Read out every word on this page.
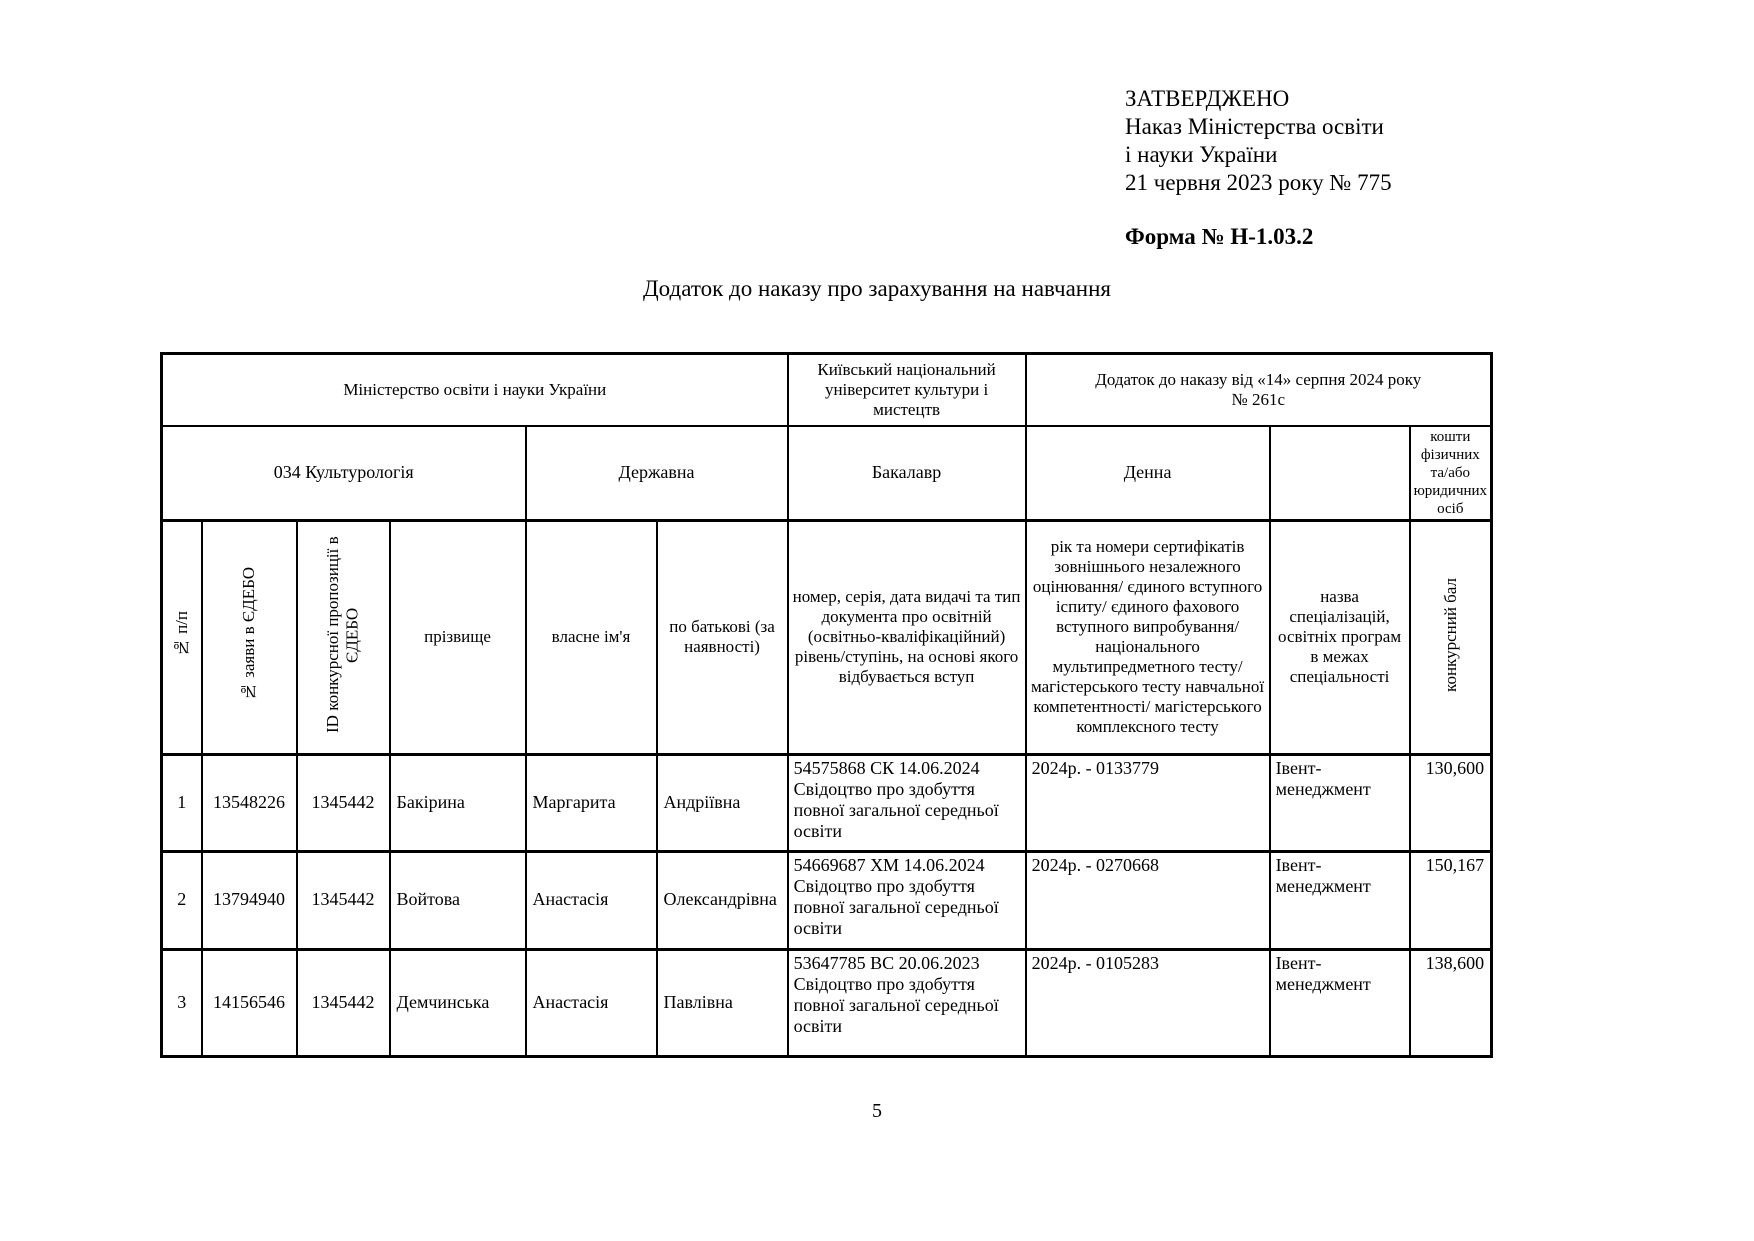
ЗАТВЕРДЖЕНО
Наказ Міністерства освіти
і науки України
21 червня 2023 року № 775
Форма № Н-1.03.2
Додаток до наказу про зарахування на навчання
Міністерство освіти і науки України						Київський національний університет культури і мистецтв	Додаток до наказу від «14» серпня 2024 року
№ 261с		

034 Культурологія				Державна		Бакалавр	Денна		кошти фізичних та/або юридичних осіб
№ п/п	№ заяви в ЄДЕБО	ID конкурсної пропозиції в ЄДЕБО	прізвище	власне ім'я	по батькові (за наявності)	номер, серія, дата видачі та тип документа про освітній (освітньо-кваліфікаційний) рівень/ступінь, на основі якого відбувається вступ	рік та номери сертифікатів зовнішнього незалежного оцінювання/ єдиного вступного іспиту/ єдиного фахового вступного випробування/ національного мультипредметного тесту/ магістерського тесту навчальної компетентності/ магістерського комплексного тесту	назва спеціалізацій, освітніх програм в межах спеціальності	конкурсний бал
1	13548226	1345442	Бакірина	Маргарита	Андріївна	54575868 СК 14.06.2024 Свідоцтво про здобуття повної загальної середньої освіти	2024р. - 0133779	Івент-менеджмент	130,600
2	13794940	1345442	Войтова	Анастасія	Олександрівна	54669687 ХМ 14.06.2024 Свідоцтво про здобуття повної загальної середньої освіти	2024р. - 0270668	Івент-менеджмент	150,167
3	14156546	1345442	Демчинська	Анастасія	Павлівна	53647785 ВС 20.06.2023 Свідоцтво про здобуття повної загальної середньої освіти	2024р. - 0105283	Івент-менеджмент	138,600
5
